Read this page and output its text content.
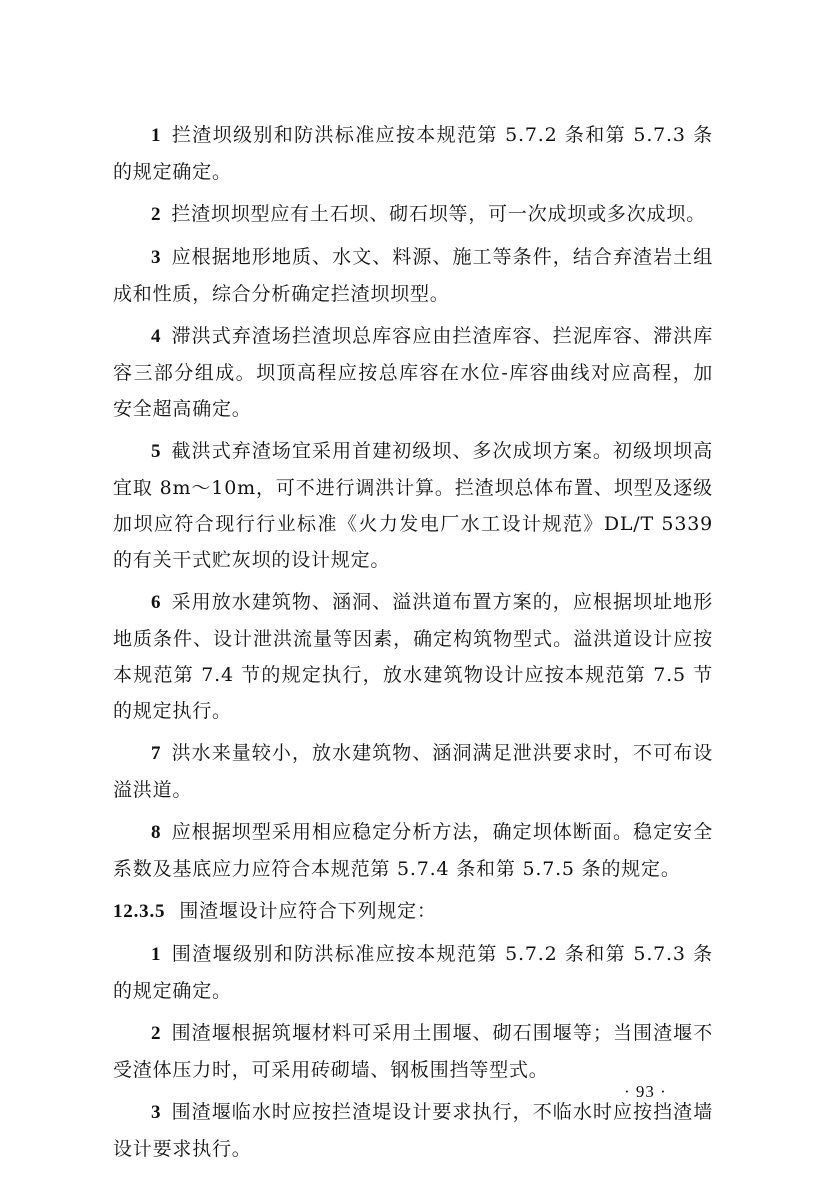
1 拦渣坝级别和防洪标准应按本规范第 5.7.2 条和第 5.7.3 条的规定确定。

2 拦渣坝坝型应有土石坝、砌石坝等，可一次成坝或多次成坝。

3 应根据地形地质、水文、料源、施工等条件，结合弃渣岩土组成和性质，综合分析确定拦渣坝坝型。

4 滞洪式弃渣场拦渣坝总库容应由拦渣库容、拦泥库容、滞洪库容三部分组成。坝顶高程应按总库容在水位-库容曲线对应高程，加安全超高确定。

5 截洪式弃渣场宜采用首建初级坝、多次成坝方案。初级坝坝高宜取 8m～10m，可不进行调洪计算。拦渣坝总体布置、坝型及逐级加坝应符合现行行业标准《火力发电厂水工设计规范》DL/T 5339 的有关干式贮灰坝的设计规定。

6 采用放水建筑物、涵洞、溢洪道布置方案的，应根据坝址地形地质条件、设计泄洪流量等因素，确定构筑物型式。溢洪道设计应按本规范第 7.4 节的规定执行，放水建筑物设计应按本规范第 7.5 节的规定执行。

7 洪水来量较小，放水建筑物、涵洞满足泄洪要求时，不可布设溢洪道。

8 应根据坝型采用相应稳定分析方法，确定坝体断面。稳定安全系数及基底应力应符合本规范第 5.7.4 条和第 5.7.5 条的规定。

12.3.5 围渣堰设计应符合下列规定：

1 围渣堰级别和防洪标准应按本规范第 5.7.2 条和第 5.7.3 条的规定确定。

2 围渣堰根据筑堰材料可采用土围堰、砌石围堰等；当围渣堰不受渣体压力时，可采用砖砌墙、钢板围挡等型式。

3 围渣堰临水时应按拦渣堤设计要求执行，不临水时应按挡渣墙设计要求执行。

· 93 ·
